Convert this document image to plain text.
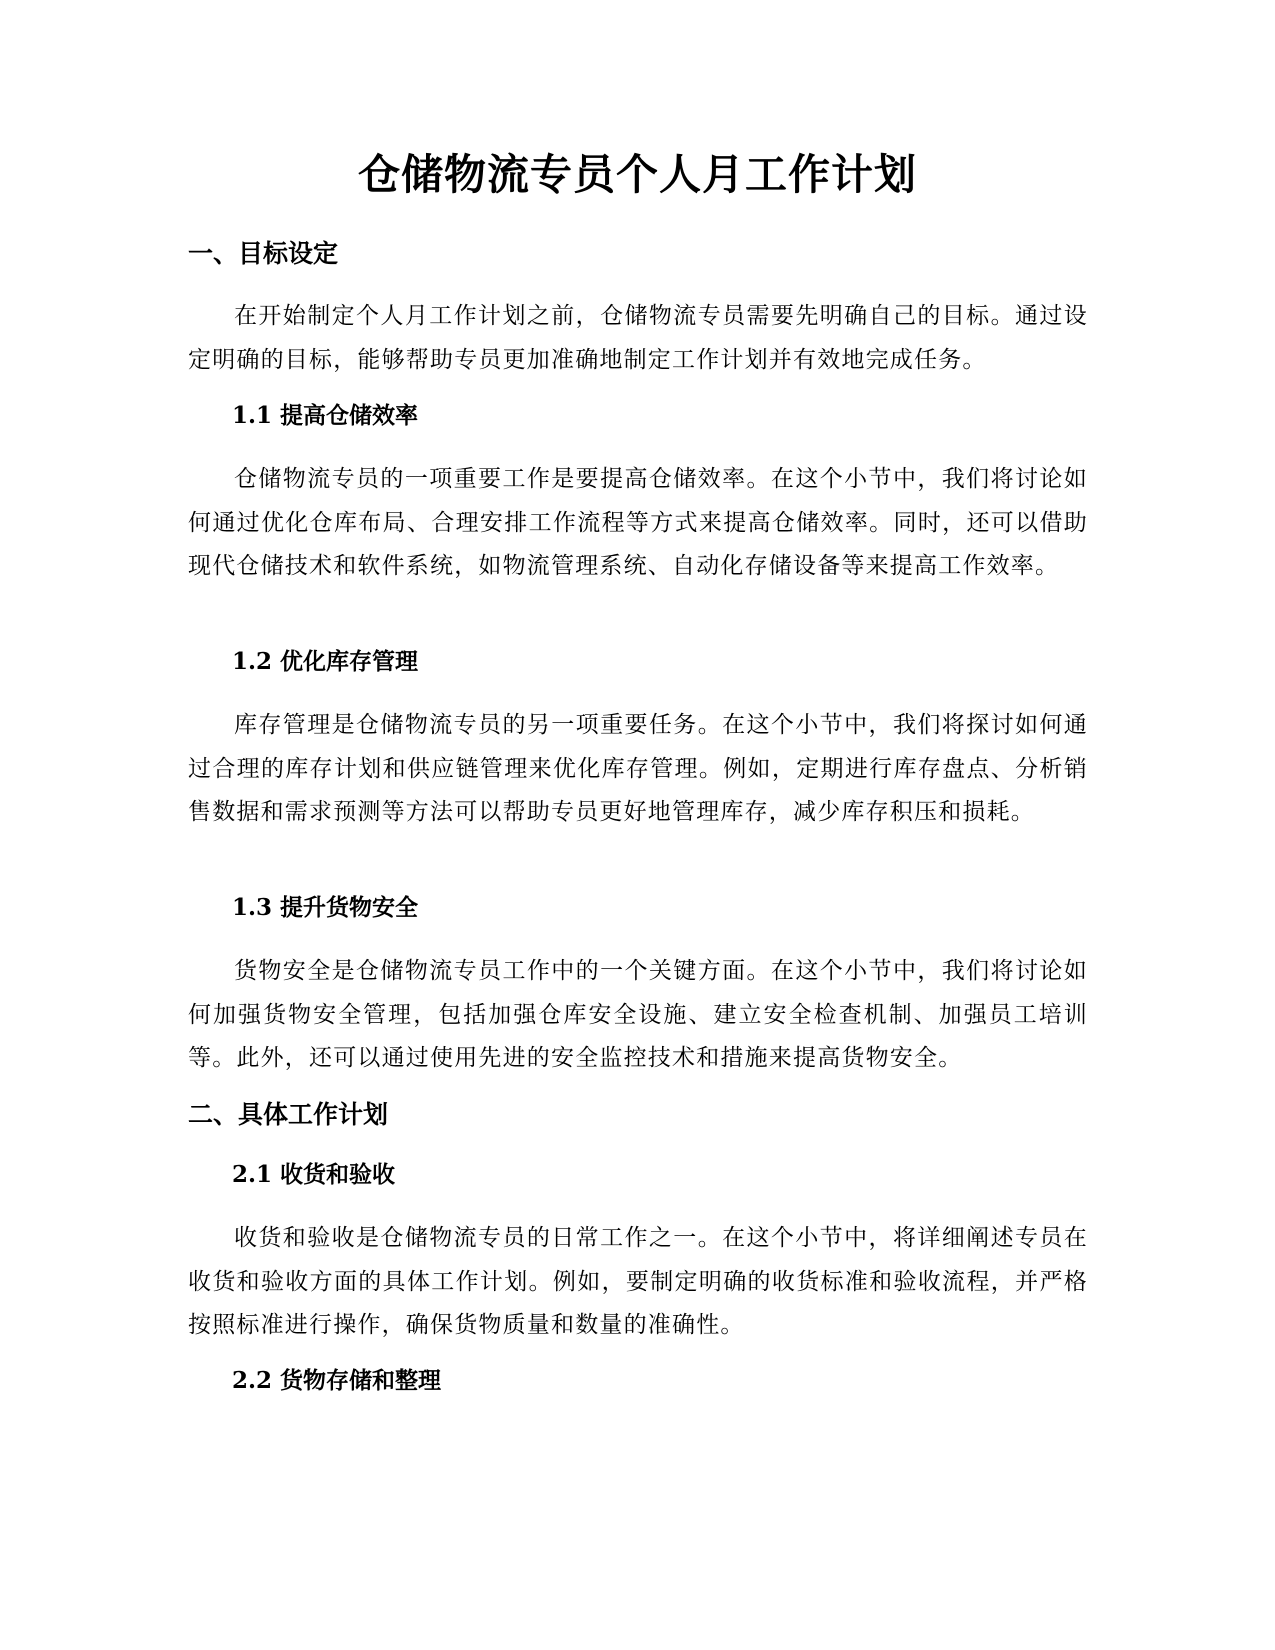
仓储物流专员个人月工作计划
一、目标设定

在开始制定个人月工作计划之前，仓储物流专员需要先明确自己的目标。通过设定明确的目标，能够帮助专员更加准确地制定工作计划并有效地完成任务。

1.1 提高仓储效率

仓储物流专员的一项重要工作是要提高仓储效率。在这个小节中，我们将讨论如何通过优化仓库布局、合理安排工作流程等方式来提高仓储效率。同时，还可以借助现代仓储技术和软件系统，如物流管理系统、自动化存储设备等来提高工作效率。

1.2 优化库存管理

库存管理是仓储物流专员的另一项重要任务。在这个小节中，我们将探讨如何通过合理的库存计划和供应链管理来优化库存管理。例如，定期进行库存盘点、分析销售数据和需求预测等方法可以帮助专员更好地管理库存，减少库存积压和损耗。

1.3 提升货物安全

货物安全是仓储物流专员工作中的一个关键方面。在这个小节中，我们将讨论如何加强货物安全管理，包括加强仓库安全设施、建立安全检查机制、加强员工培训等。此外，还可以通过使用先进的安全监控技术和措施来提高货物安全。

二、具体工作计划
2.1 收货和验收

收货和验收是仓储物流专员的日常工作之一。在这个小节中，将详细阐述专员在收货和验收方面的具体工作计划。例如，要制定明确的收货标准和验收流程，并严格按照标准进行操作，确保货物质量和数量的准确性。

2.2 货物存储和整理
